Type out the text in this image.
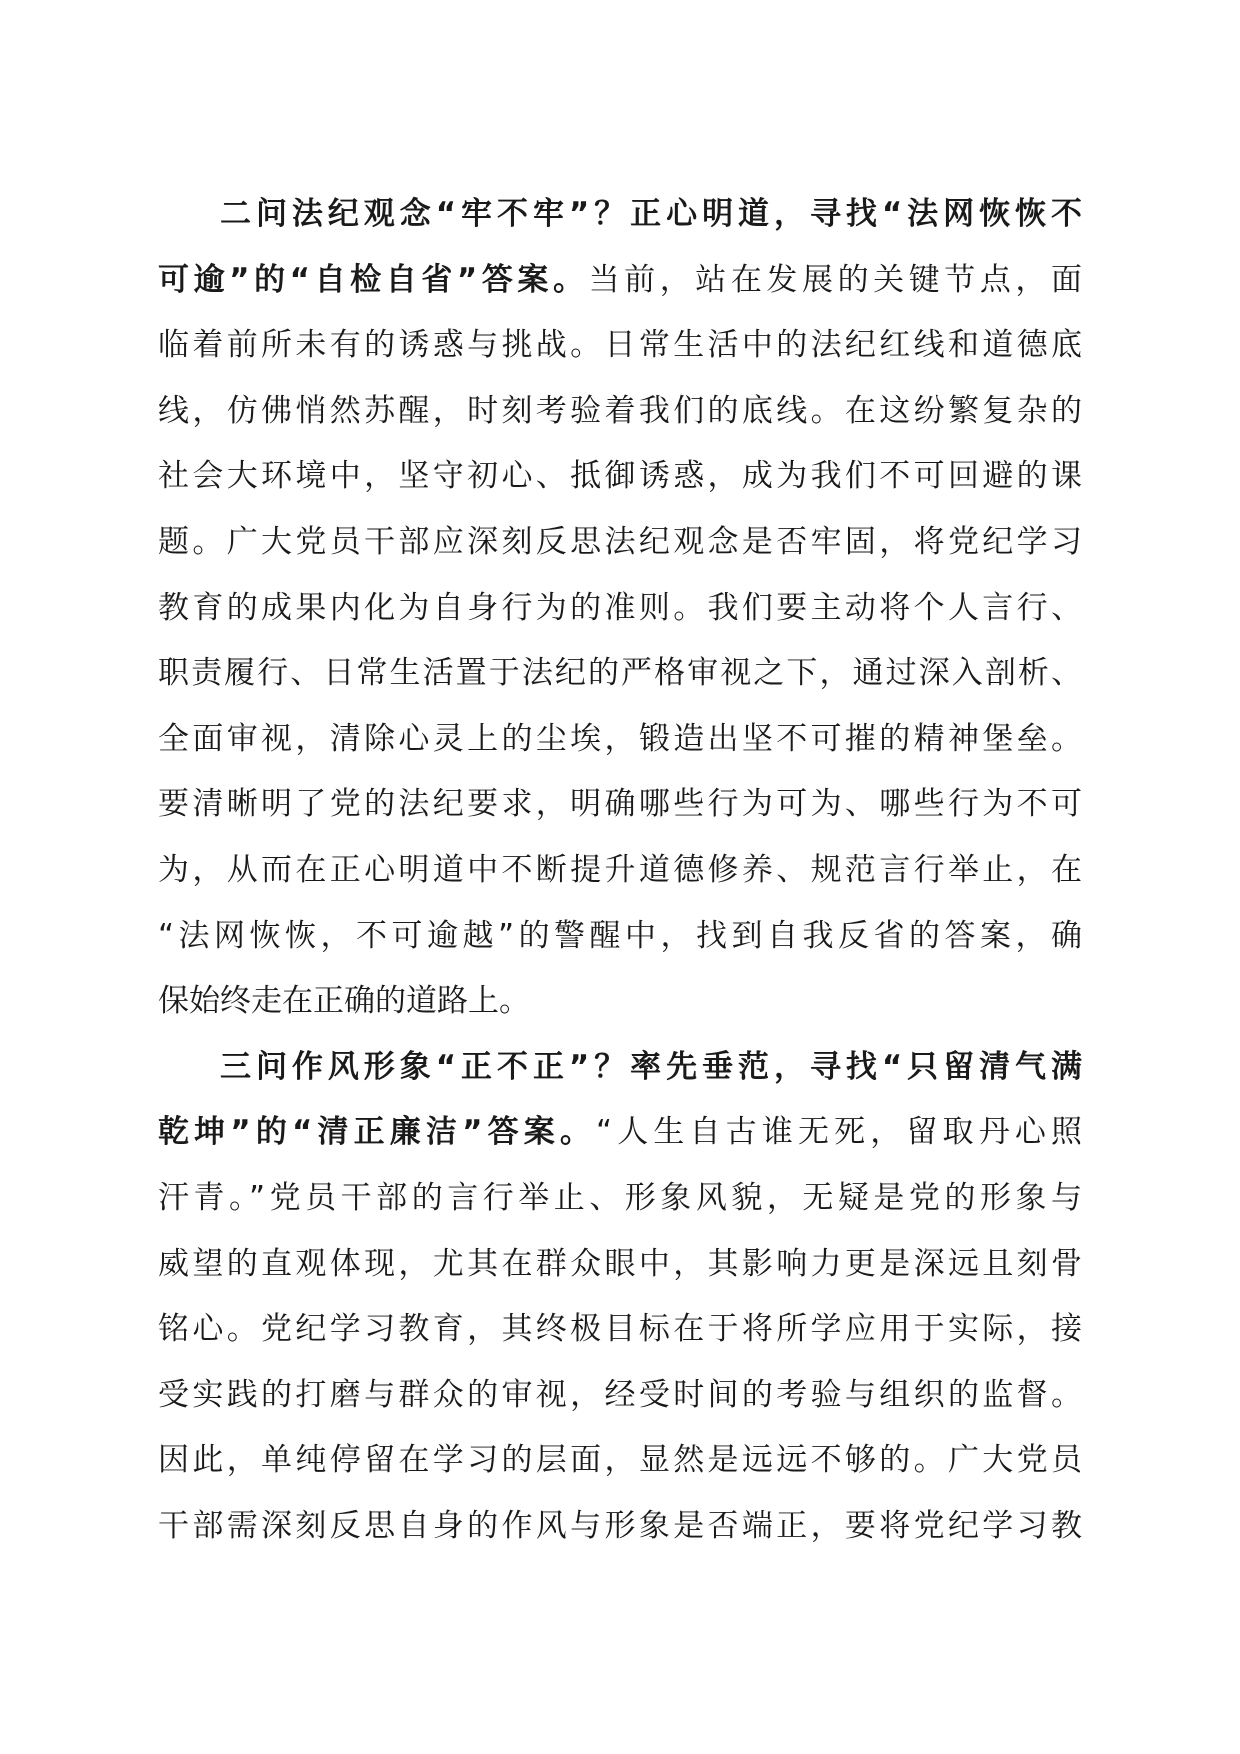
二问法纪观念“牢不牢”？正心明道，寻找“法网恢恢不
可逾”的“自检自省”答案。当前，站在发展的关键节点，面
临着前所未有的诱惑与挑战。日常生活中的法纪红线和道德底
线，仿佛悄然苏醒，时刻考验着我们的底线。在这纷繁复杂的
社会大环境中，坚守初心、抵御诱惑，成为我们不可回避的课
题。广大党员干部应深刻反思法纪观念是否牢固，将党纪学习
教育的成果内化为自身行为的准则。我们要主动将个人言行、
职责履行、日常生活置于法纪的严格审视之下，通过深入剖析、
全面审视，清除心灵上的尘埃，锻造出坚不可摧的精神堡垒。
要清晰明了党的法纪要求，明确哪些行为可为、哪些行为不可
为，从而在正心明道中不断提升道德修养、规范言行举止，在
“法网恢恢，不可逾越”的警醒中，找到自我反省的答案，确
保始终走在正确的道路上。
三问作风形象“正不正”？率先垂范，寻找“只留清气满
乾坤”的“清正廉洁”答案。“人生自古谁无死，留取丹心照
汗青。”党员干部的言行举止、形象风貌，无疑是党的形象与
威望的直观体现，尤其在群众眼中，其影响力更是深远且刻骨
铭心。党纪学习教育，其终极目标在于将所学应用于实际，接
受实践的打磨与群众的审视，经受时间的考验与组织的监督。
因此，单纯停留在学习的层面，显然是远远不够的。广大党员
干部需深刻反思自身的作风与形象是否端正，要将党纪学习教
